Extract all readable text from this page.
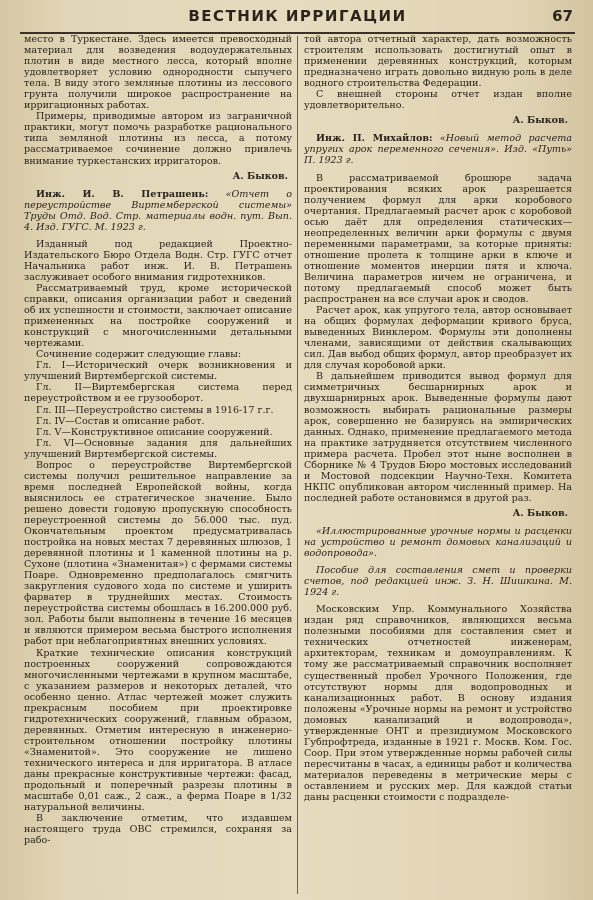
ВЕСТНИК ИРРИГАЦИИ	67

место в Туркестане. Здесь имеется превосходный материал для возведения водоудержательных плотин в виде местного лесса, который вполне удовлетворяет условию однородности сыпучего тела. В виду этого земляные плотины из лессового грунта получили широкое распространение на ирригационных работах.

Примеры, приводимые автором из заграничной практики, могут помочь разработке рационального типа земляной плотины из лесса, а потому рассматриваемое сочинение должно привлечь внимание туркестанских ирригаторов.

А. Быков.

Инж. И. В. Петрашень: «Отчет о переустройстве Виртембергской системы» Труды Отд. Вод. Стр. материалы водн. пут. Вып. 4. Изд. ГУГС. М. 1923 г.

Изданный под редакцией Проектно-Издательского Бюро Отдела Водн. Стр. ГУГС отчет Начальника работ инж. И. В. Петрашень заслуживает особого внимания гидротехников.

Рассматриваемый труд, кроме исторической справки, описания организации работ и сведений об их успешности и стоимости, заключает описание примененных на постройке сооружений и конструкций с многочисленными детальными чертежами.

Сочинение содержит следующие главы:

Гл. I—Исторический очерк возникновения и улучшений Виртембергской системы.

Гл. II—Виртембергская система перед переустройством и ее грузооборот.

Гл. III—Переустройство системы в 1916-17 г.г.

Гл. IV—Состав и описание работ.

Гл. V—Конструктивное описание сооружений.

Гл. VI—Основные задания для дальнейших улучшений Виртембергской системы.

Вопрос о переустройстве Виртембергской системы получил решительное направление за время последней Европейской войны, когда выяснилось ее стратегическое значение. Было решено довести годовую пропускную способность переустроенной системы до 56.000 тыс. пуд. Окончательным проектом предусматривалась постройка на новых местах 7 деревянных шлюзов, 1 деревянной плотины и 1 каменной плотины на р. Сухоне (плотина «Знаменитая») с фермами системы Поаре. Одновременно предполагалось смягчить закругления судового хода по системе и уширить фарватер в труднейших местах. Стоимость переустройства системы обошлась в 16.200.000 руб. зол. Работы были выполнены в течение 16 месяцев и являются примером весьма быстрого исполнения работ при неблагоприятных внешних условиях.

Краткие технические описания конструкций построенных сооружений сопровождаются многочисленными чертежами в крупном масштабе, с указанием размеров и некоторых деталей, что особенно ценно. Атлас чертежей может служить прекрасным пособием при проектировке гидротехнических сооружений, главным образом, деревянных. Отметим интересную в инженерно-строительном отношении постройку плотины «Знаменитой». Это сооружение не лишено технического интереса и для ирригатора. В атласе даны прекрасные конструктивные чертежи: фасад, продольный и поперечный разрезы плотины в масштабе 0,01 саж., 2 саж., а ферма Поаре в 1/32 натуральной величины.

В заключение отметим, что издавшем настоящего труда ОВС стремился, сохраняя за рабо-

той автора отчетный характер, дать возможность строителям использовать достигнутый опыт в применении деревянных конструкций, которым предназначено играть довольно видную роль в деле водного строительства Федерации.

С внешней стороны отчет издан вполне удовлетворительно.

А. Быков.

Инж. П. Михайлов: «Новый метод расчета упругих арок переменного сечения». Изд. «Путь» П. 1923 г.

В рассматриваемой брошюре задача проектирования всяких арок разрешается получением формул для арки коробового очертания. Предлагаемый расчет арок с коробовой осью даёт для определения статических—неопределенных величин арки формулы с двумя переменными параметрами, за которые приняты: отношение пролета к толщине арки в ключе и отношение моментов инерции пятя и ключа. Величина параметров ничем не ограничена, и потому предлагаемый способ может быть распространен на все случаи арок и сводов.

Расчет арок, как упругого тела, автор основывает на общих формулах деформации кривого бруса, выведенных Винклером. Формулы эти дополнены членами, зависящими от действия скалывающих сил. Дав выбод общих формул, автор преобразует их для случая коробовой арки.

В дальнейшем приводится вывод формул для симметричных бесшарнирных арок и двухшарнирных арок. Выведенные формулы дают возможность выбирать рациональные размеры арок, совершенно не базируясь на эмпирических данных. Однако, применение предлагаемого метода на практике затрудняется отсутствием численного примера расчета. Пробел этот ныне восполнен в Сборнике № 4 Трудов Бюро мостовых исследований и Мостовой подсекции Научно-Техн. Комитета НКПС опубликован автором численный пример. На последней работе остановимся в другой раз.

А. Быков.

«Иллюстрированные урочные нормы и расценки на устройство и ремонт домовых канализаций и водопровода».

Пособие для составления смет и проверки счетов, под редакцией инж. З. Н. Шишкина. М. 1924 г.

Московским Упр. Коммунального Хозяйства издан ряд справочников, являющихся весьма полезными пособиями для составления смет и технических отчетностей инженерам, архитекторам, техникам и домоуправлениям. К тому же рассматриваемый справочник восполняет существенный пробел Урочного Положения, где отсутствуют нормы для водопроводных и канализационных работ. В основу издания положены «Урочные нормы на ремонт и устройство домовых канализаций и водопровода», утвержденные ОНТ и президиумом Московского Губпрофтреда, изданные в 1921 г. Москв. Ком. Гос. Соор. При этом утвержденные нормы рабочей силы пересчитаны в часах, а единицы работ и количества материалов переведены в метрические меры с оставлением и русских мер. Для каждой статьи даны расценки стоимости с подразделе-
